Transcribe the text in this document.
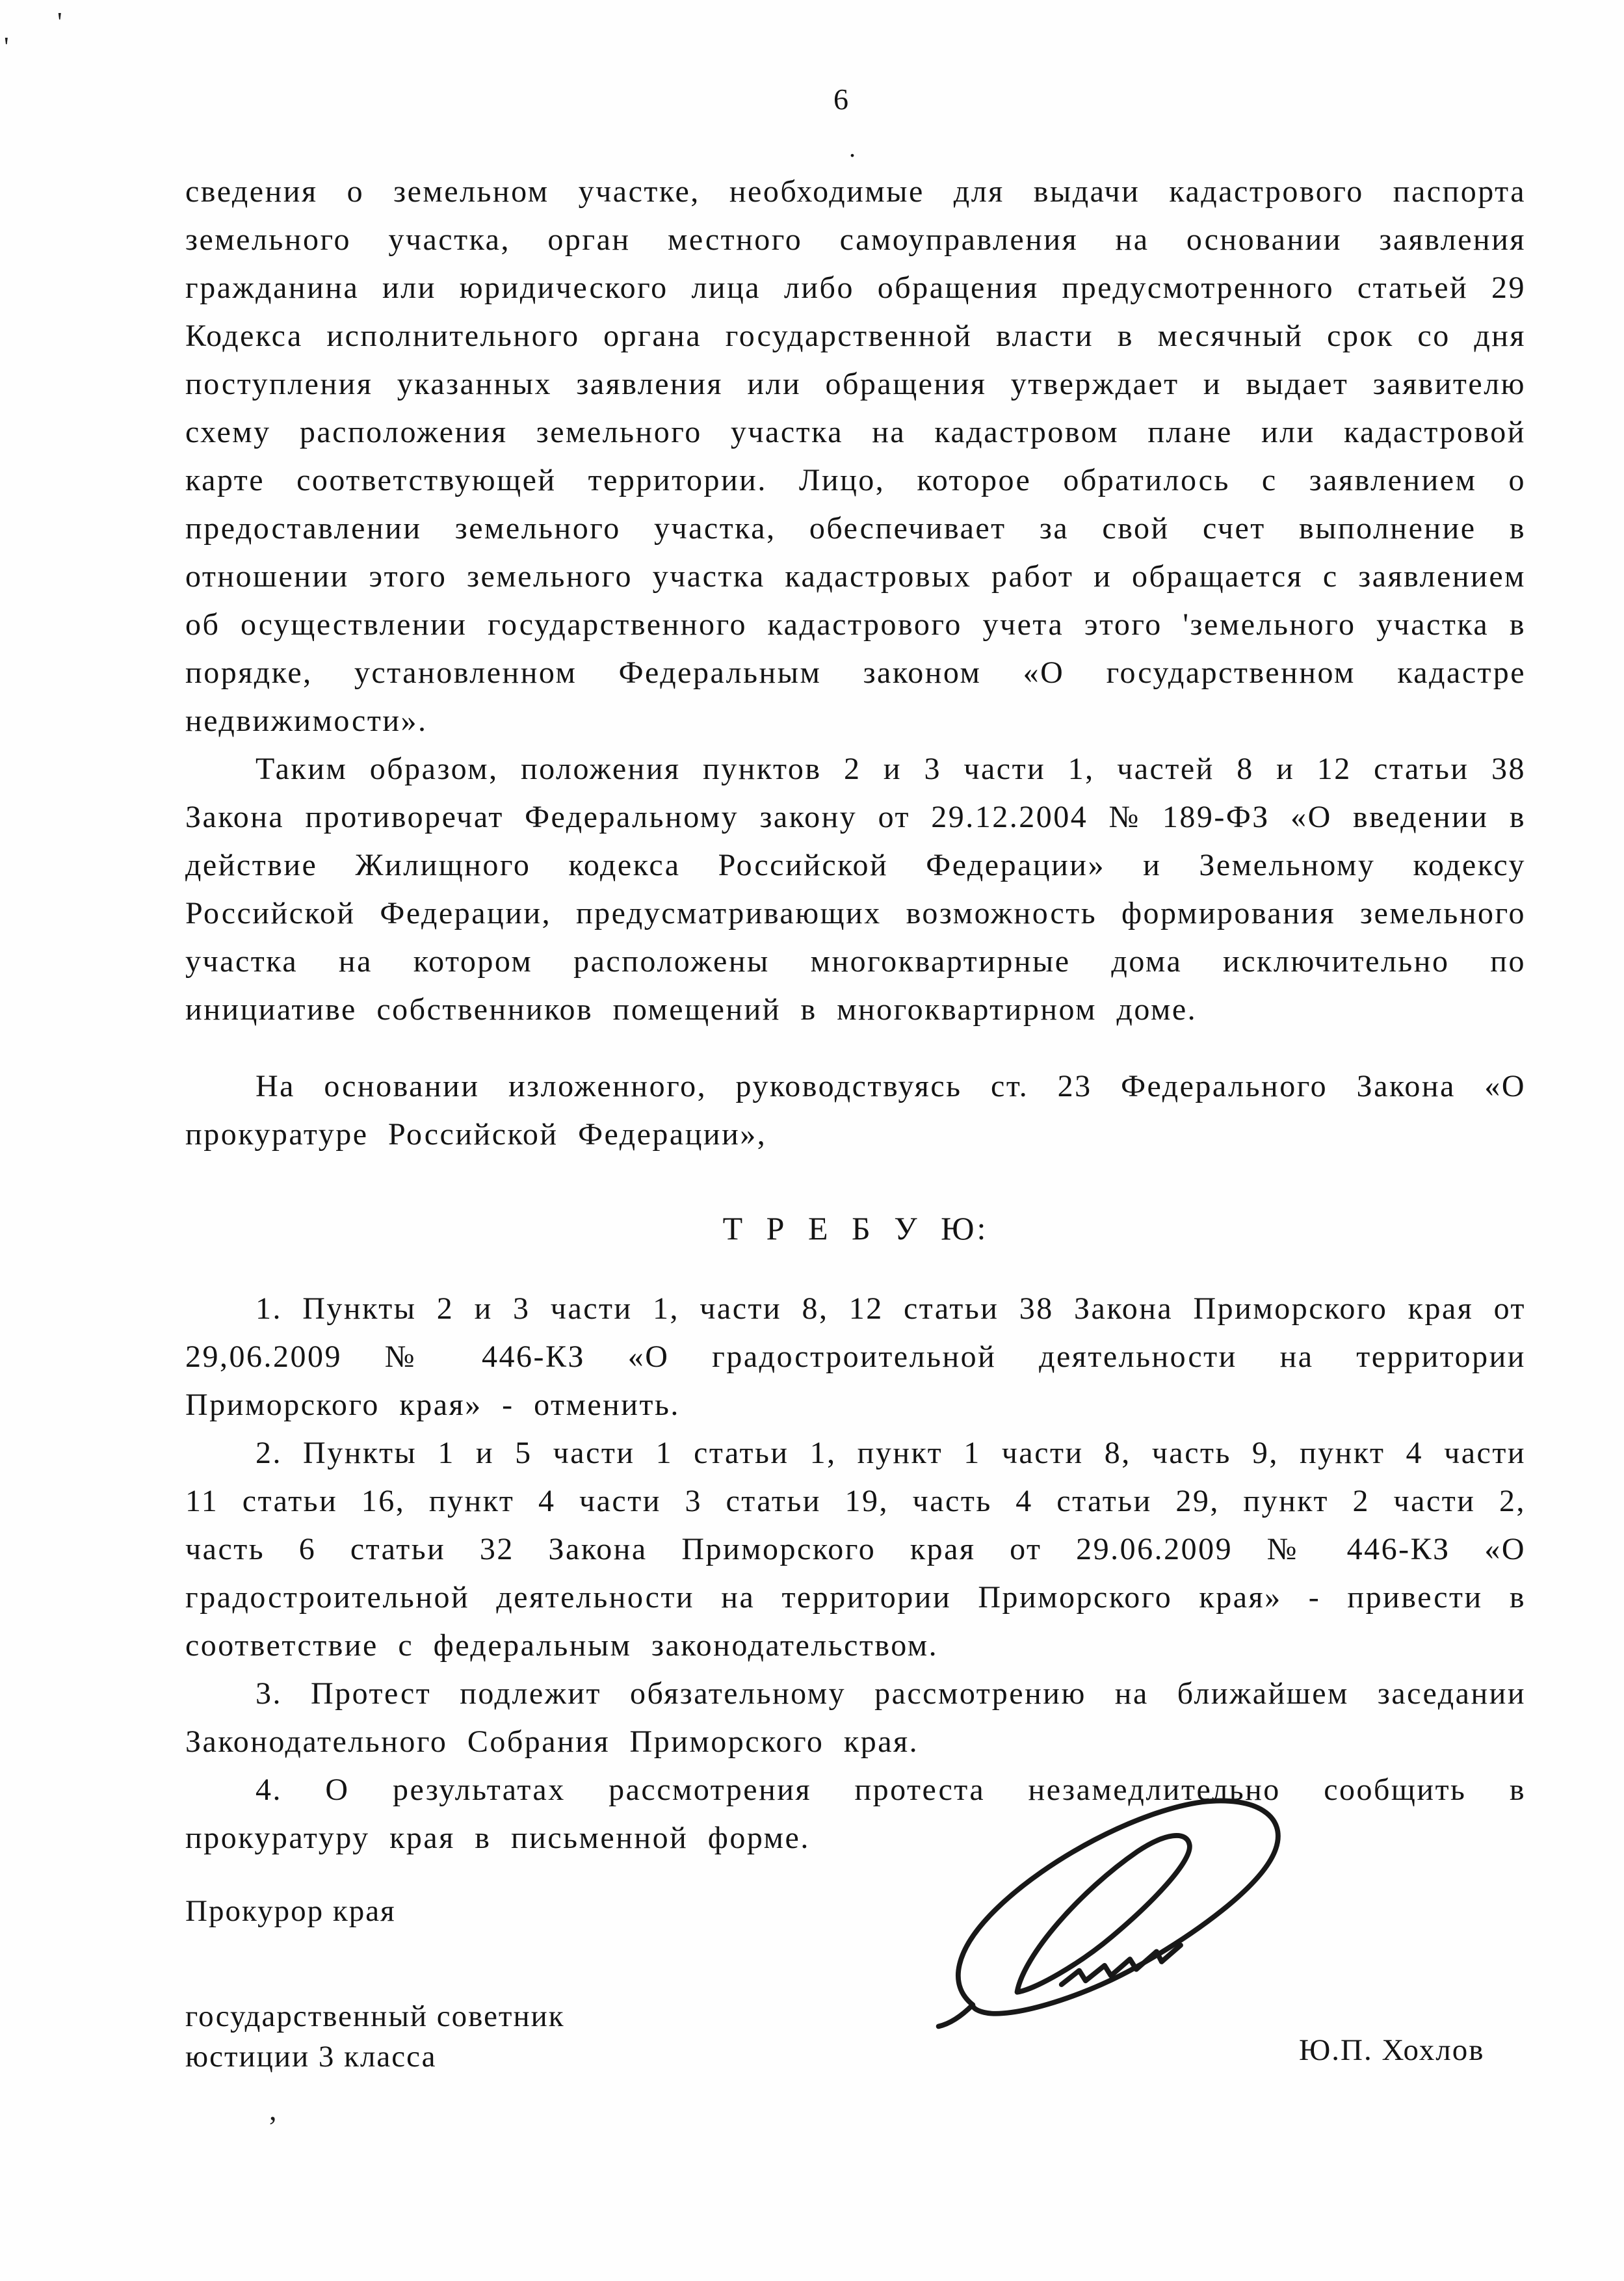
'
'
,
6
.

сведения о земельном участке, необходимые для выдачи кадастрового паспорта земельного участка, орган местного самоуправления на основании заявления гражданина или юридического лица либо обращения предусмотренного статьей 29 Кодекса исполнительного органа государственной власти в месячный срок со дня поступления указанных заявления или обращения утверждает и выдает заявителю схему расположения земельного участка на кадастровом плане или кадастровой карте соответствующей территории. Лицо, которое обратилось с заявлением о предоставлении земельного участка, обеспечивает за свой счет выполнение в отношении этого земельного участка кадастровых работ и обращается с заявлением об осуществлении государственного кадастрового учета этого 'земельного участка в порядке, установленном Федеральным законом «О государственном кадастре недвижимости».

Таким образом, положения пунктов 2 и 3 части 1, частей 8 и 12 статьи 38 Закона противоречат Федеральному закону от 29.12.2004 № 189-ФЗ «О введении в действие Жилищного кодекса Российской Федерации» и Земельному кодексу Российской Федерации, предусматривающих возможность формирования земельного участка на котором расположены многоквартирные дома исключительно по инициативе собственников помещений в многоквартирном доме.

На основании изложенного, руководствуясь ст. 23 Федерального Закона «О прокуратуре Российской Федерации»,

Т Р Е Б У Ю:

1. Пункты 2 и 3 части 1, части 8, 12 статьи 38 Закона Приморского края от 29,06.2009 № 446-КЗ «О градостроительной деятельности на территории Приморского края» - отменить.

2. Пункты 1 и 5 части 1 статьи 1, пункт 1 части 8, часть 9, пункт 4 части 11 статьи 16, пункт 4 части 3 статьи 19, часть 4 статьи 29, пункт 2 части 2, часть 6 статьи 32 Закона Приморского края от 29.06.2009 № 446-КЗ «О градостроительной деятельности на территории Приморского края» - привести в соответствие с федеральным законодательством.

3. Протест подлежит обязательному рассмотрению на ближайшем заседании Законодательного Собрания Приморского края.

4. О результатах рассмотрения протеста незамедлительно сообщить в прокуратуру края в письменной форме.

Прокурор края

государственный советник

юстиции 3 класса	Ю.П. Хохлов
